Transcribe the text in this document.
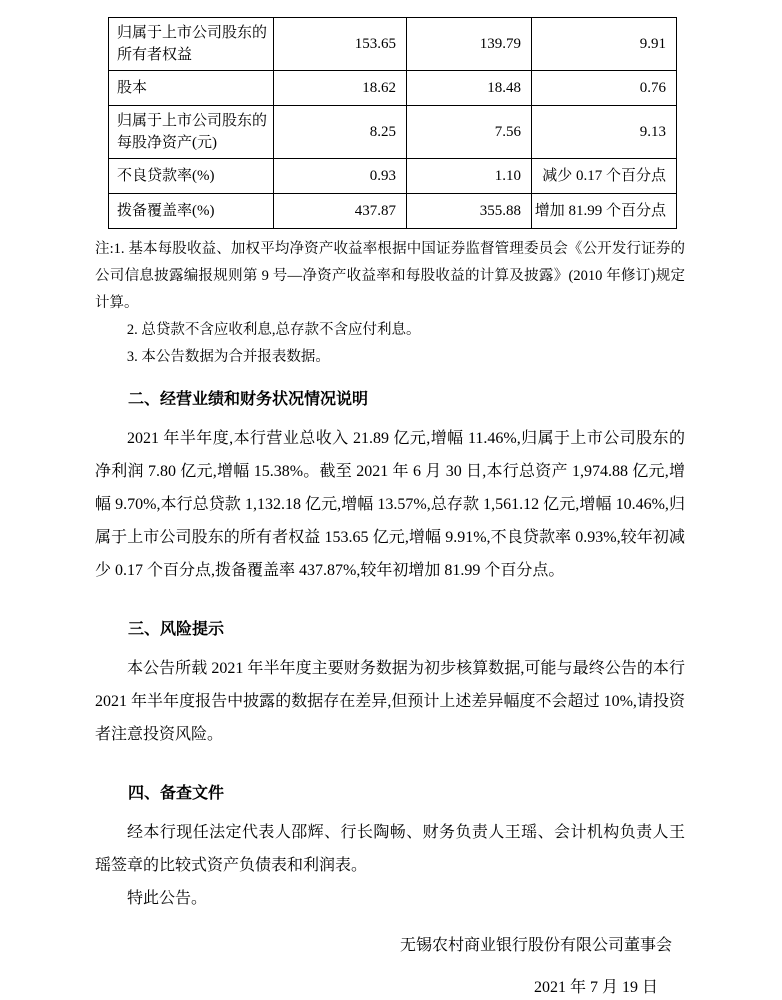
归属于上市公司股东的所有者权益	153.65	139.79	9.91
股本	18.62	18.48	0.76
归属于上市公司股东的每股净资产(元)	8.25	7.56	9.13
不良贷款率(%)	0.93	1.10	减少 0.17 个百分点
拨备覆盖率(%)	437.87	355.88	增加 81.99 个百分点

注:1. 基本每股收益、加权平均净资产收益率根据中国证券监督管理委员会《公开发行证券的公司信息披露编报规则第 9 号—净资产收益率和每股收益的计算及披露》(2010 年修订)规定计算。

2. 总贷款不含应收利息,总存款不含应付利息。

3. 本公告数据为合并报表数据。

二、经营业绩和财务状况情况说明

2021 年半年度,本行营业总收入 21.89 亿元,增幅 11.46%,归属于上市公司股东的净利润 7.80 亿元,增幅 15.38%。截至 2021 年 6 月 30 日,本行总资产 1,974.88 亿元,增幅 9.70%,本行总贷款 1,132.18 亿元,增幅 13.57%,总存款 1,561.12 亿元,增幅 10.46%,归属于上市公司股东的所有者权益 153.65 亿元,增幅 9.91%,不良贷款率 0.93%,较年初减少 0.17 个百分点,拨备覆盖率 437.87%,较年初增加 81.99 个百分点。

三、风险提示

本公告所载 2021 年半年度主要财务数据为初步核算数据,可能与最终公告的本行 2021 年半年度报告中披露的数据存在差异,但预计上述差异幅度不会超过 10%,请投资者注意投资风险。

四、备查文件

经本行现任法定代表人邵辉、行长陶畅、财务负责人王瑶、会计机构负责人王瑶签章的比较式资产负债表和利润表。

特此公告。

无锡农村商业银行股份有限公司董事会

2021 年 7 月 19 日
